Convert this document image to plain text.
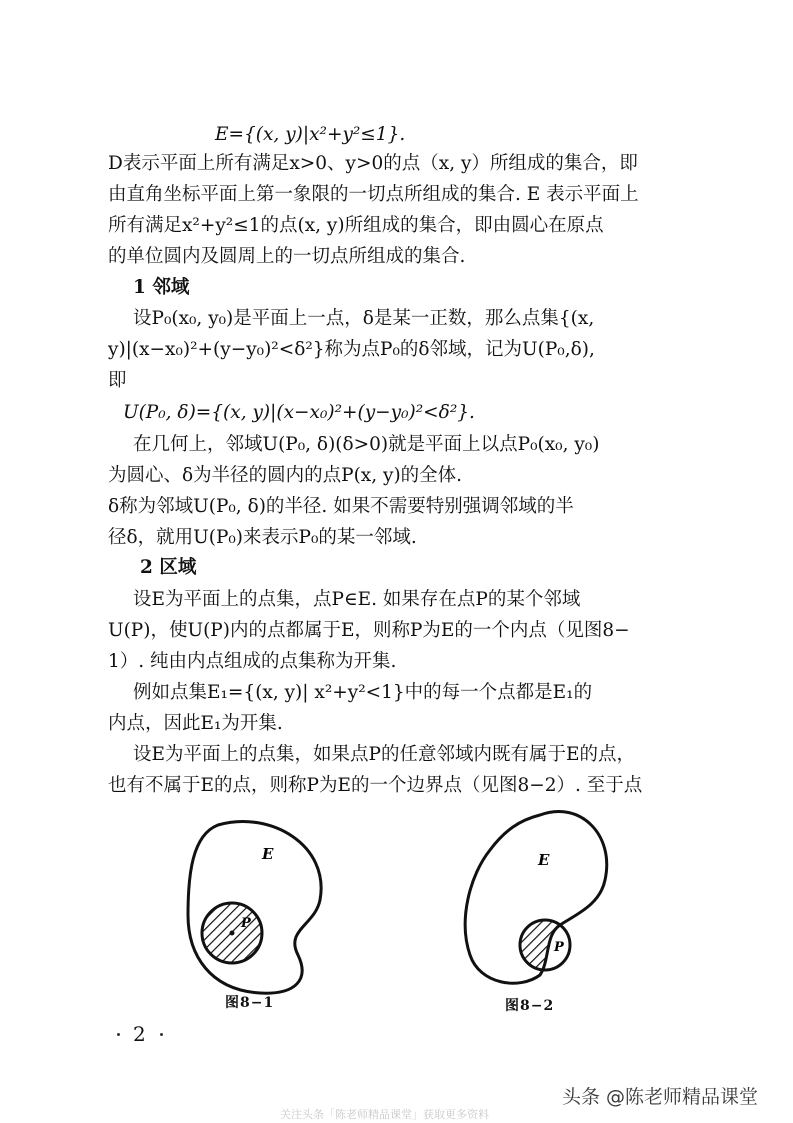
E={(x, y)|x²+y²≤1}.
D表示平面上所有满足x>0、y>0的点（x, y）所组成的集合，即
由直角坐标平面上第一象限的一切点所组成的集合. E 表示平面上
所有满足x²+y²≤1的点(x, y)所组成的集合，即由圆心在原点
的单位圆内及圆周上的一切点所组成的集合.
1 邻域
设P₀(x₀, y₀)是平面上一点，δ是某一正数，那么点集{(x,
y)|(x−x₀)²+(y−y₀)²<δ²}称为点P₀的δ邻域，记为U(P₀,δ),
即
U(P₀, δ)={(x, y)|(x−x₀)²+(y−y₀)²<δ²}.
在几何上，邻域U(P₀, δ)(δ>0)就是平面上以点P₀(x₀, y₀)
为圆心、δ为半径的圆内的点P(x, y)的全体.
δ称为邻域U(P₀, δ)的半径. 如果不需要特别强调邻域的半
径δ，就用U(P₀)来表示P₀的某一邻域.
2 区域
设E为平面上的点集，点P∈E. 如果存在点P的某个邻域
U(P)，使U(P)内的点都属于E，则称P为E的一个内点（见图8−
1）. 纯由内点组成的点集称为开集.
例如点集E₁={(x, y)| x²+y²<1}中的每一个点都是E₁的
内点，因此E₁为开集.
设E为平面上的点集，如果点P的任意邻域内既有属于E的点，
也有不属于E的点，则称P为E的一个边界点（见图8−2）. 至于点
E
P
图8−1
E
P
图8−2
2
头条 @陈老师精品课堂
关注头条「陈老师精品课堂」获取更多资料
